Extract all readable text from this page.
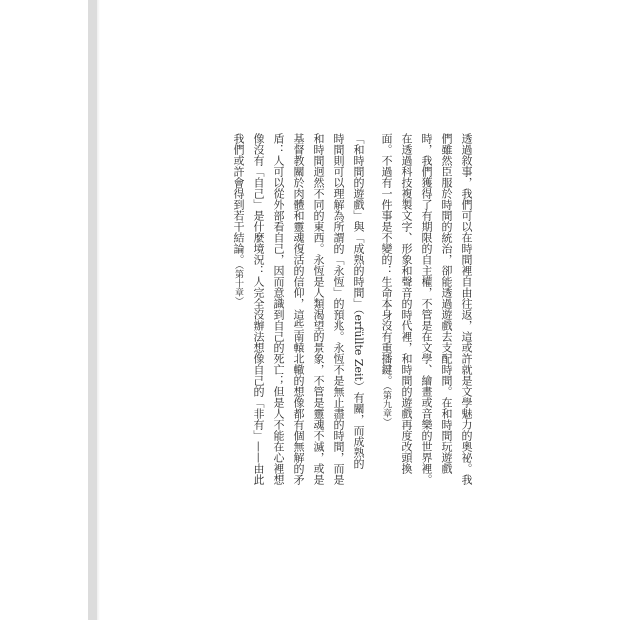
透過敘事，我們可以在時間裡自由往返，這或許就是文學魅力的奧祕。我
們雖然臣服於時間的統治，卻能透過遊戲去支配時間。在和時間玩遊戲
時，我們獲得了有期限的自主權，不管是在文學、繪畫或音樂的世界裡。
在透過科技複製文字、形象和聲音的時代裡，和時間的遊戲再度改頭換
面。不過有一件事是不變的：生命本身沒有重播鍵。（第九章）
「和時間的遊戲」與「成熟的時間」（erfüllte Zeit）有關，而成熟的
時間則可以理解為所謂的「永恆」的預兆。永恆不是無止盡的時間，而是
和時間迥然不同的東西。永恆是人類渴望的景象，不管是靈魂不滅，或是
基督教關於肉體和靈魂復活的信仰，這些南轅北轍的想像都有個無解的矛
盾：人可以從外部看自己，因而意識到自己的死亡；但是人不能在心裡想
像沒有「自己」是什麼境況：人完全沒辦法想像自己的「非有」——由此
我們或許會得到若干結論。（第十章）
